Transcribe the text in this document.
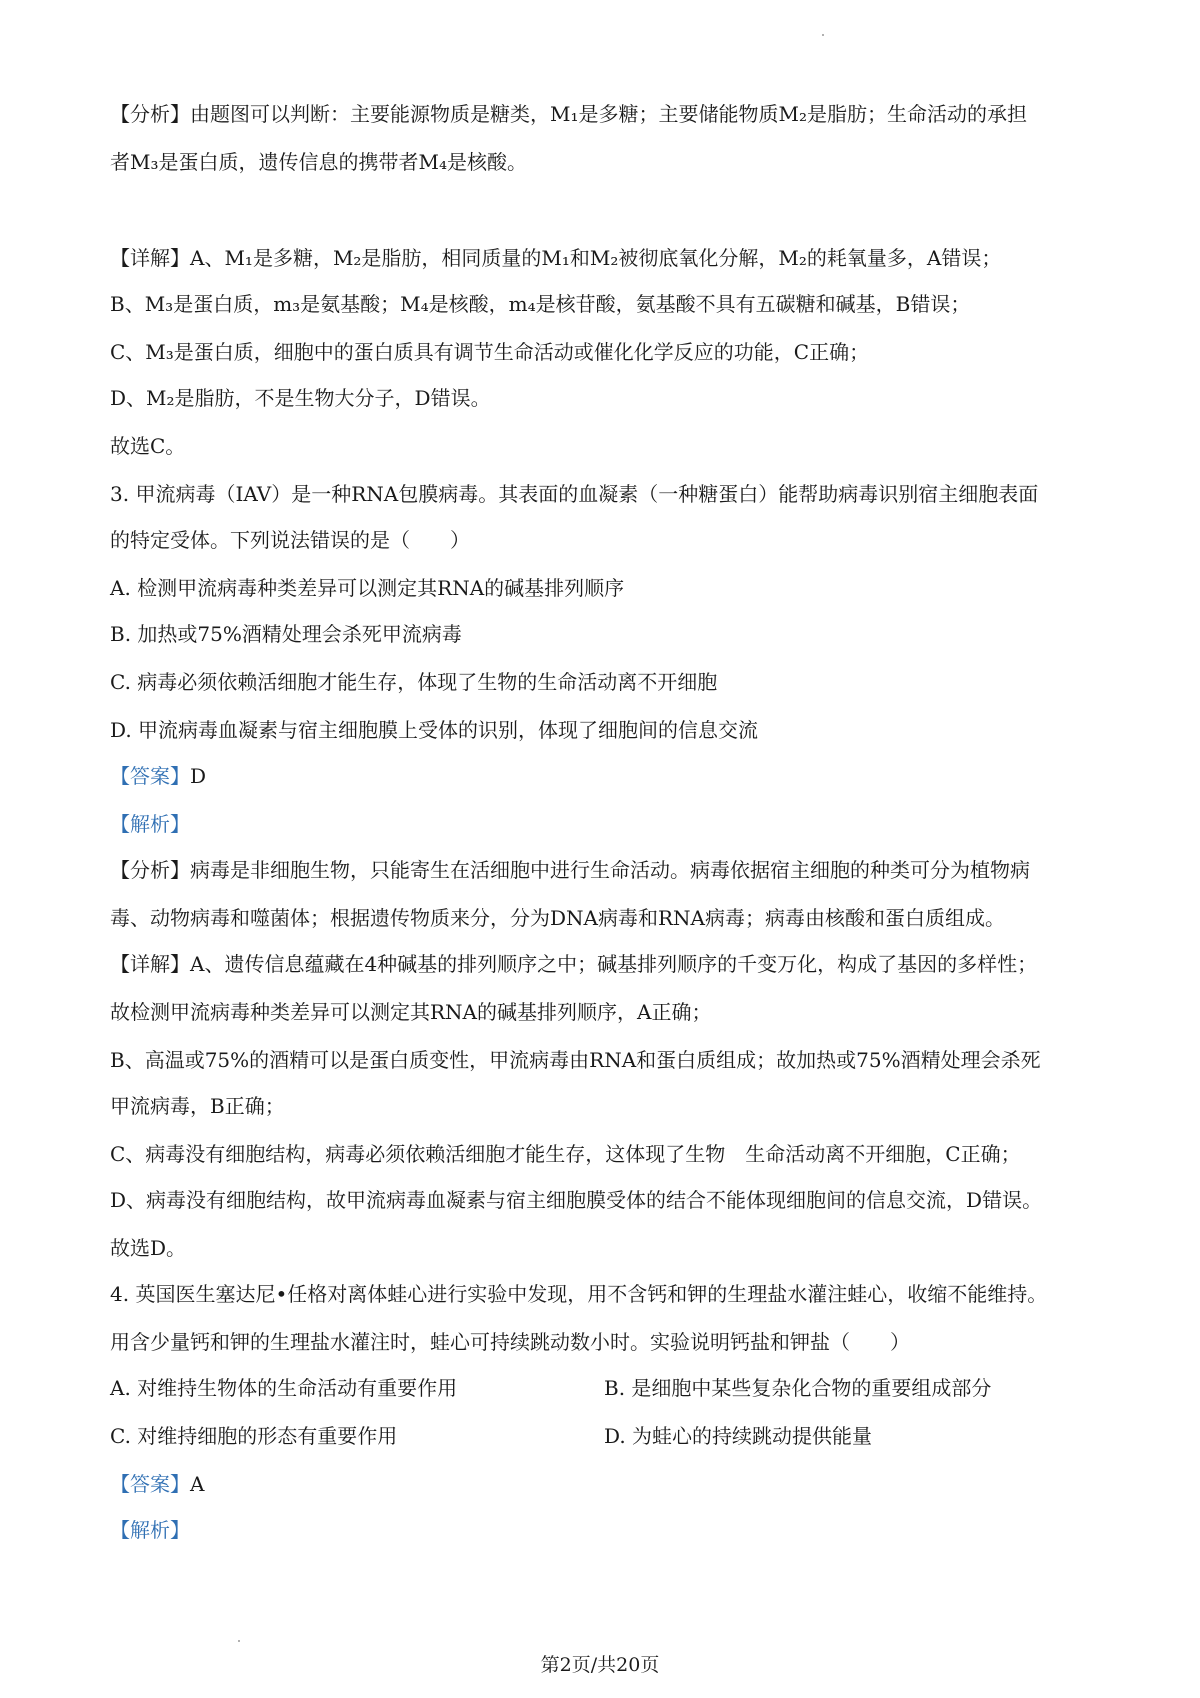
【分析】由题图可以判断：主要能源物质是糖类，M₁是多糖；主要储能物质M₂是脂肪；生命活动的承担
者M₃是蛋白质，遗传信息的携带者M₄是核酸。
【详解】A、M₁是多糖，M₂是脂肪，相同质量的M₁和M₂被彻底氧化分解，M₂的耗氧量多，A错误；
B、M₃是蛋白质，m₃是氨基酸；M₄是核酸，m₄是核苷酸，氨基酸不具有五碳糖和碱基，B错误；
C、M₃是蛋白质，细胞中的蛋白质具有调节生命活动或催化化学反应的功能，C正确；
D、M₂是脂肪，不是生物大分子，D错误。
故选C。
3. 甲流病毒（IAV）是一种RNA包膜病毒。其表面的血凝素（一种糖蛋白）能帮助病毒识别宿主细胞表面
的特定受体。下列说法错误的是（　　）
A. 检测甲流病毒种类差异可以测定其RNA的碱基排列顺序
B. 加热或75%酒精处理会杀死甲流病毒
C. 病毒必须依赖活细胞才能生存，体现了生物的生命活动离不开细胞
D. 甲流病毒血凝素与宿主细胞膜上受体的识别，体现了细胞间的信息交流
【答案】D
【解析】
【分析】病毒是非细胞生物，只能寄生在活细胞中进行生命活动。病毒依据宿主细胞的种类可分为植物病
毒、动物病毒和噬菌体；根据遗传物质来分，分为DNA病毒和RNA病毒；病毒由核酸和蛋白质组成。
【详解】A、遗传信息蕴藏在4种碱基的排列顺序之中；碱基排列顺序的千变万化，构成了基因的多样性；
故检测甲流病毒种类差异可以测定其RNA的碱基排列顺序，A正确；
B、高温或75%的酒精可以是蛋白质变性，甲流病毒由RNA和蛋白质组成；故加热或75%酒精处理会杀死
甲流病毒，B正确；
C、病毒没有细胞结构，病毒必须依赖活细胞才能生存，这体现了生物　生命活动离不开细胞，C正确；
D、病毒没有细胞结构，故甲流病毒血凝素与宿主细胞膜受体的结合不能体现细胞间的信息交流，D错误。
故选D。
4. 英国医生塞达尼•任格对离体蛙心进行实验中发现，用不含钙和钾的生理盐水灌注蛙心，收缩不能维持。
用含少量钙和钾的生理盐水灌注时，蛙心可持续跳动数小时。实验说明钙盐和钾盐（　　）
A. 对维持生物体的生命活动有重要作用	B. 是细胞中某些复杂化合物的重要组成部分
C. 对维持细胞的形态有重要作用	D. 为蛙心的持续跳动提供能量
【答案】A
【解析】
第2页/共20页
